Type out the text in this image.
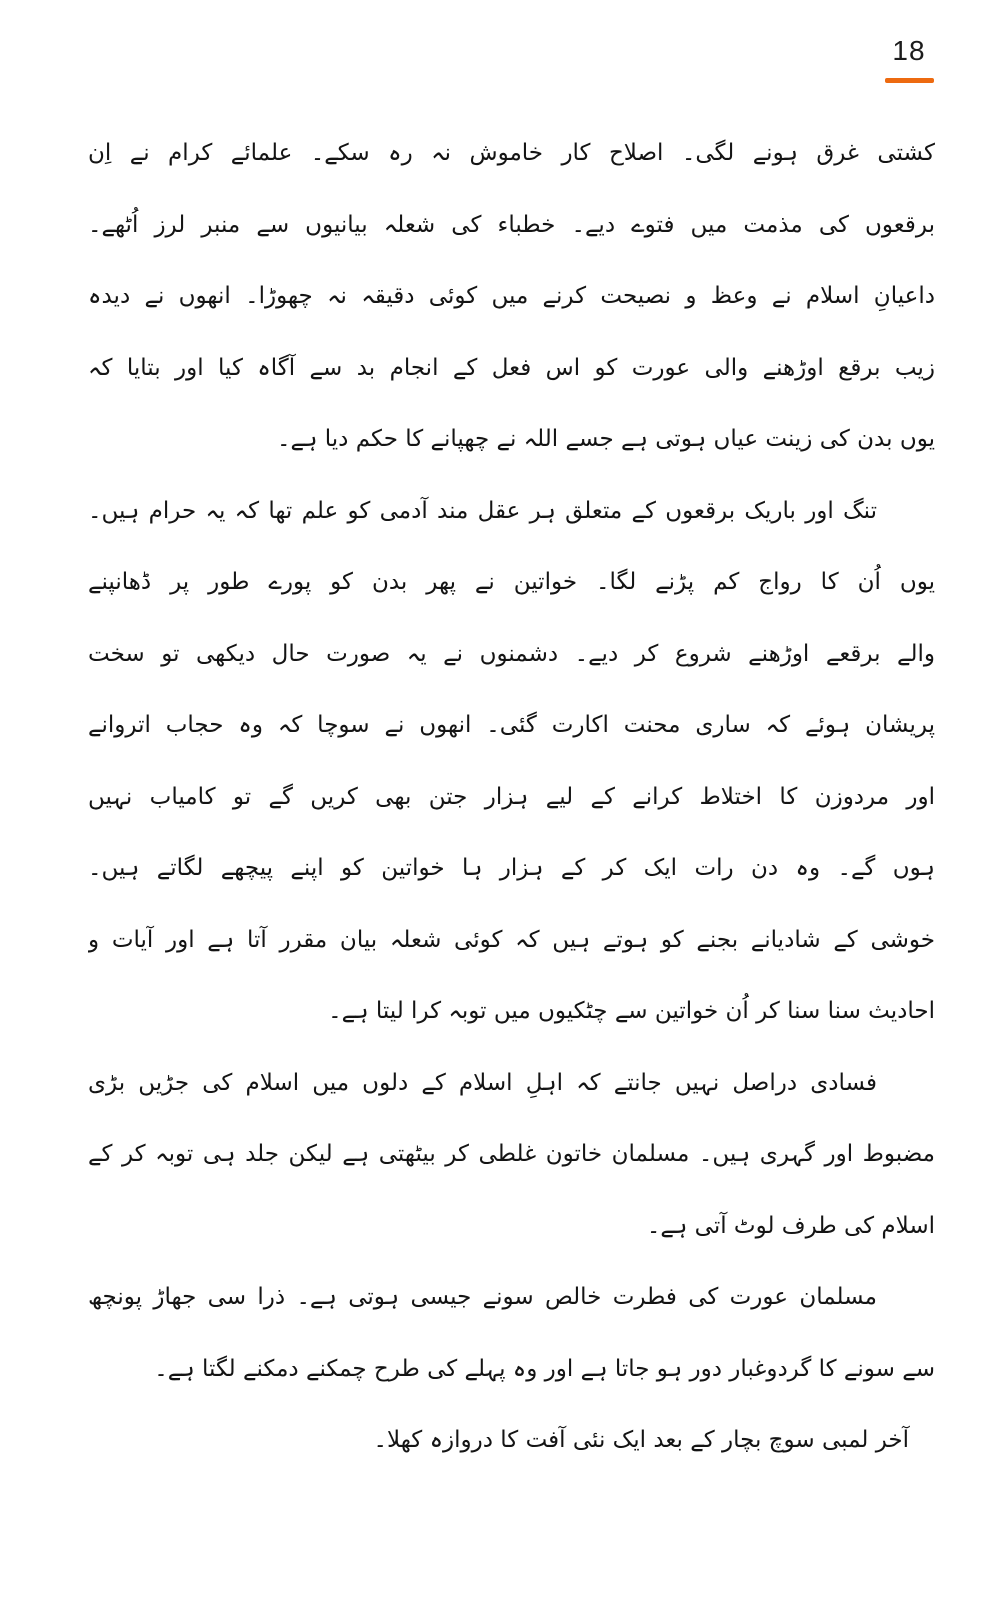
18
کشتی غرق ہونے لگی۔ اصلاح کار خاموش نہ رہ سکے۔ علمائے کرام نے اِن
برقعوں کی مذمت میں فتوے دیے۔ خطباء کی شعلہ بیانیوں سے منبر لرز اُٹھے۔
داعیانِ اسلام نے وعظ و نصیحت کرنے میں کوئی دقیقہ نہ چھوڑا۔ انھوں نے دیدہ
زیب برقع اوڑھنے والی عورت کو اس فعل کے انجام بد سے آگاہ کیا اور بتایا کہ
یوں بدن کی زینت عیاں ہوتی ہے جسے اللہ نے چھپانے کا حکم دیا ہے۔
تنگ اور باریک برقعوں کے متعلق ہر عقل مند آدمی کو علم تھا کہ یہ حرام ہیں۔
یوں اُن کا رواج کم پڑنے لگا۔ خواتین نے پھر بدن کو پورے طور پر ڈھانپنے
والے برقعے اوڑھنے شروع کر دیے۔ دشمنوں نے یہ صورت حال دیکھی تو سخت
پریشان ہوئے کہ ساری محنت اکارت گئی۔ انھوں نے سوچا کہ وہ حجاب اتروانے
اور مردوزن کا اختلاط کرانے کے لیے ہزار جتن بھی کریں گے تو کامیاب نہیں
ہوں گے۔ وہ دن رات ایک کر کے ہزار ہا خواتین کو اپنے پیچھے لگاتے ہیں۔
خوشی کے شادیانے بجنے کو ہوتے ہیں کہ کوئی شعلہ بیان مقرر آتا ہے اور آیات و
احادیث سنا سنا کر اُن خواتین سے چٹکیوں میں توبہ کرا لیتا ہے۔
فسادی دراصل نہیں جانتے کہ اہلِ اسلام کے دلوں میں اسلام کی جڑیں بڑی
مضبوط اور گہری ہیں۔ مسلمان خاتون غلطی کر بیٹھتی ہے لیکن جلد ہی توبہ کر کے
اسلام کی طرف لوٹ آتی ہے۔
مسلمان عورت کی فطرت خالص سونے جیسی ہوتی ہے۔ ذرا سی جھاڑ پونچھ
سے سونے کا گردوغبار دور ہو جاتا ہے اور وہ پہلے کی طرح چمکنے دمکنے لگتا ہے۔
آخر لمبی سوچ بچار کے بعد ایک نئی آفت کا دروازہ کھلا۔
